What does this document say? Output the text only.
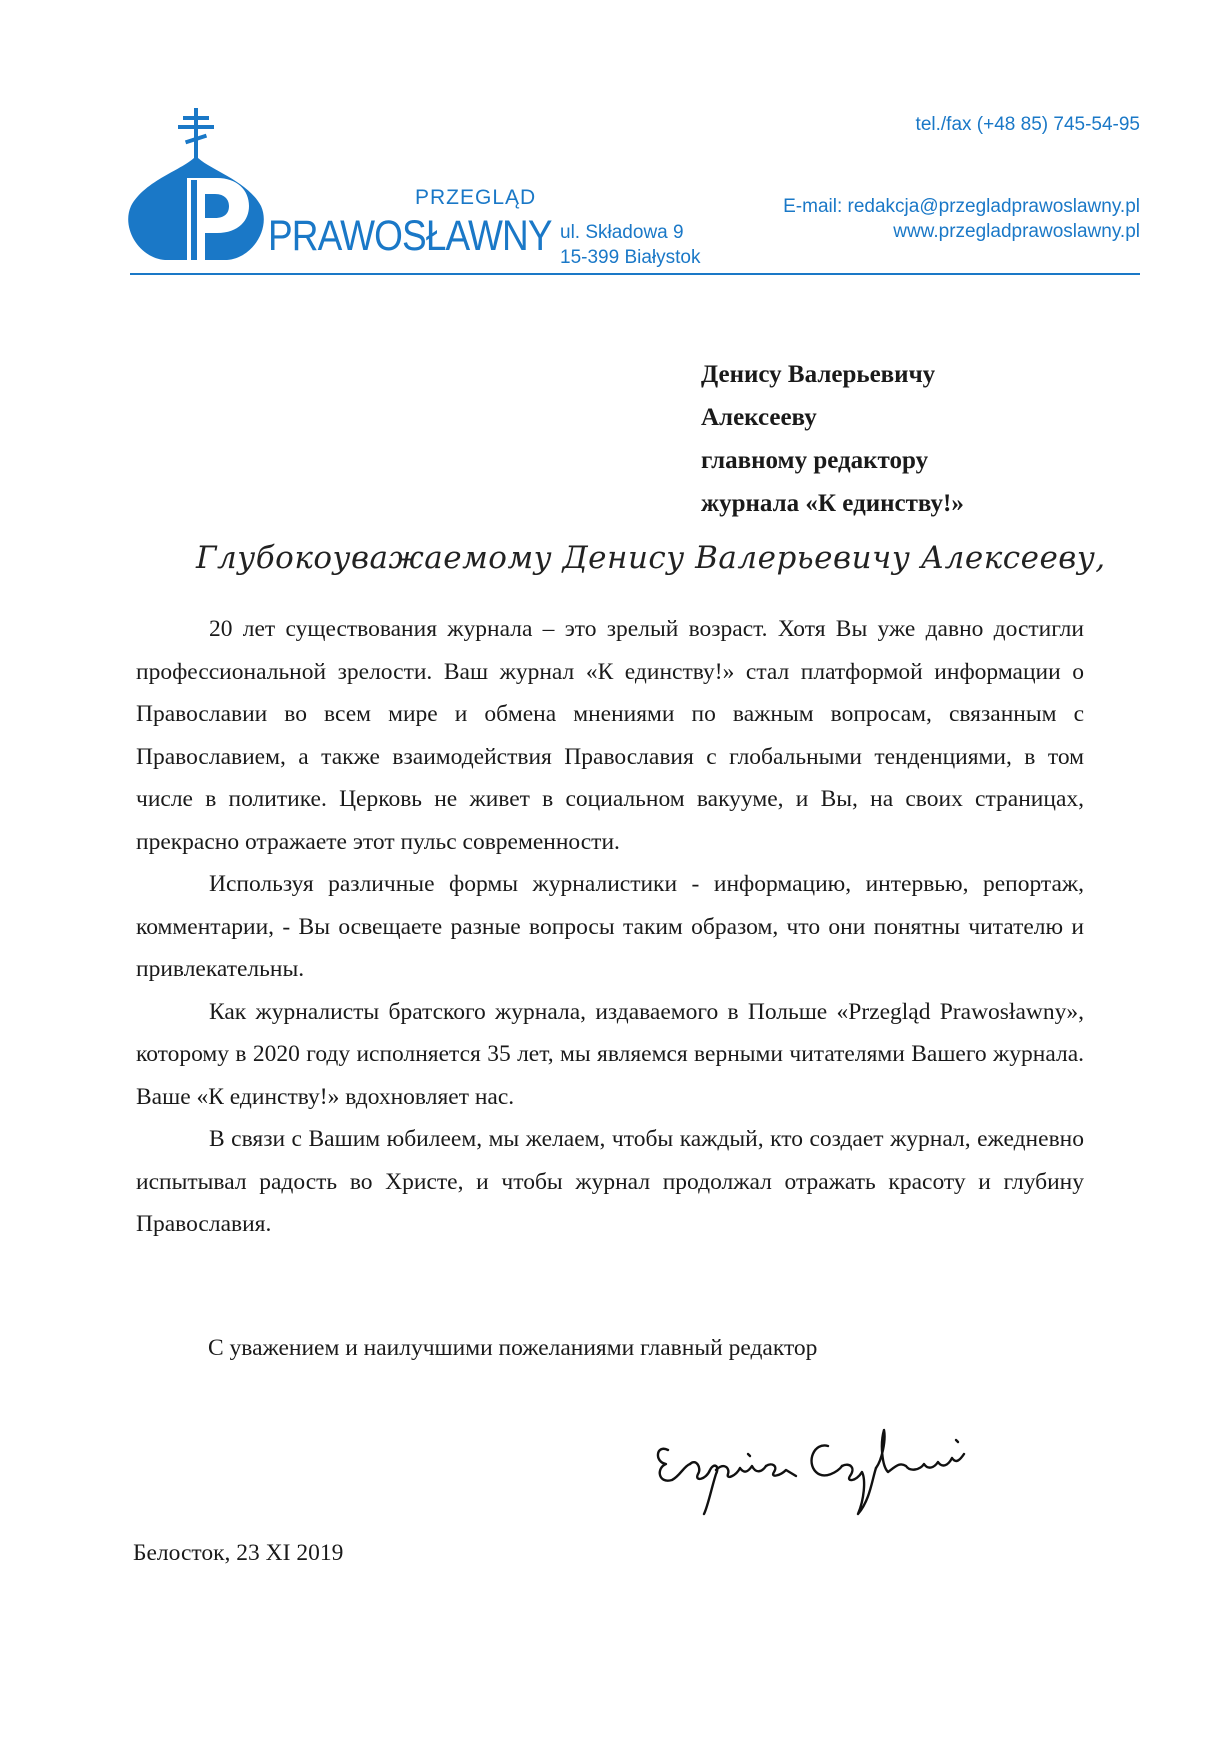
PRZEGLĄD
PRAWOSŁAWNY ul. Składowa 9
15-399 Białystok
tel./fax (+48 85) 745-54-95
E-mail: redakcja@przegladprawoslawny.pl
www.przegladprawoslawny.pl
Денису Валерьевичу
Алексееву
главному редактору
журнала «К единству!»
Глубокоуважаемому Денису Валерьевичу Алексееву,

20 лет существования журнала – это зрелый возраст. Хотя Вы уже давно достигли профессиональной зрелости. Ваш журнал «К единству!» стал платформой информации о Православии во всем мире и обмена мнениями по важным вопросам, связанным с Православием, а также взаимодействия Православия с глобальными тенденциями, в том числе в политике. Церковь не живет в социальном вакууме, и Вы, на своих страницах, прекрасно отражаете этот пульс современности.

Используя различные формы журналистики - информацию, интервью, репортаж, комментарии, - Вы освещаете разные вопросы таким образом, что они понятны читателю и привлекательны.

Как журналисты братского журнала, издаваемого в Польше «Przegląd Prawosławny», которому в 2020 году исполняется 35 лет, мы являемся верными читателями Вашего журнала. Ваше «К единству!» вдохновляет нас.

В связи с Вашим юбилеем, мы желаем, чтобы каждый, кто создает журнал, ежедневно испытывал радость во Христе, и чтобы журнал продолжал отражать красоту и глубину Православия.

С уважением и наилучшими пожеланиями главный редактор
Белосток, 23 XI 2019
